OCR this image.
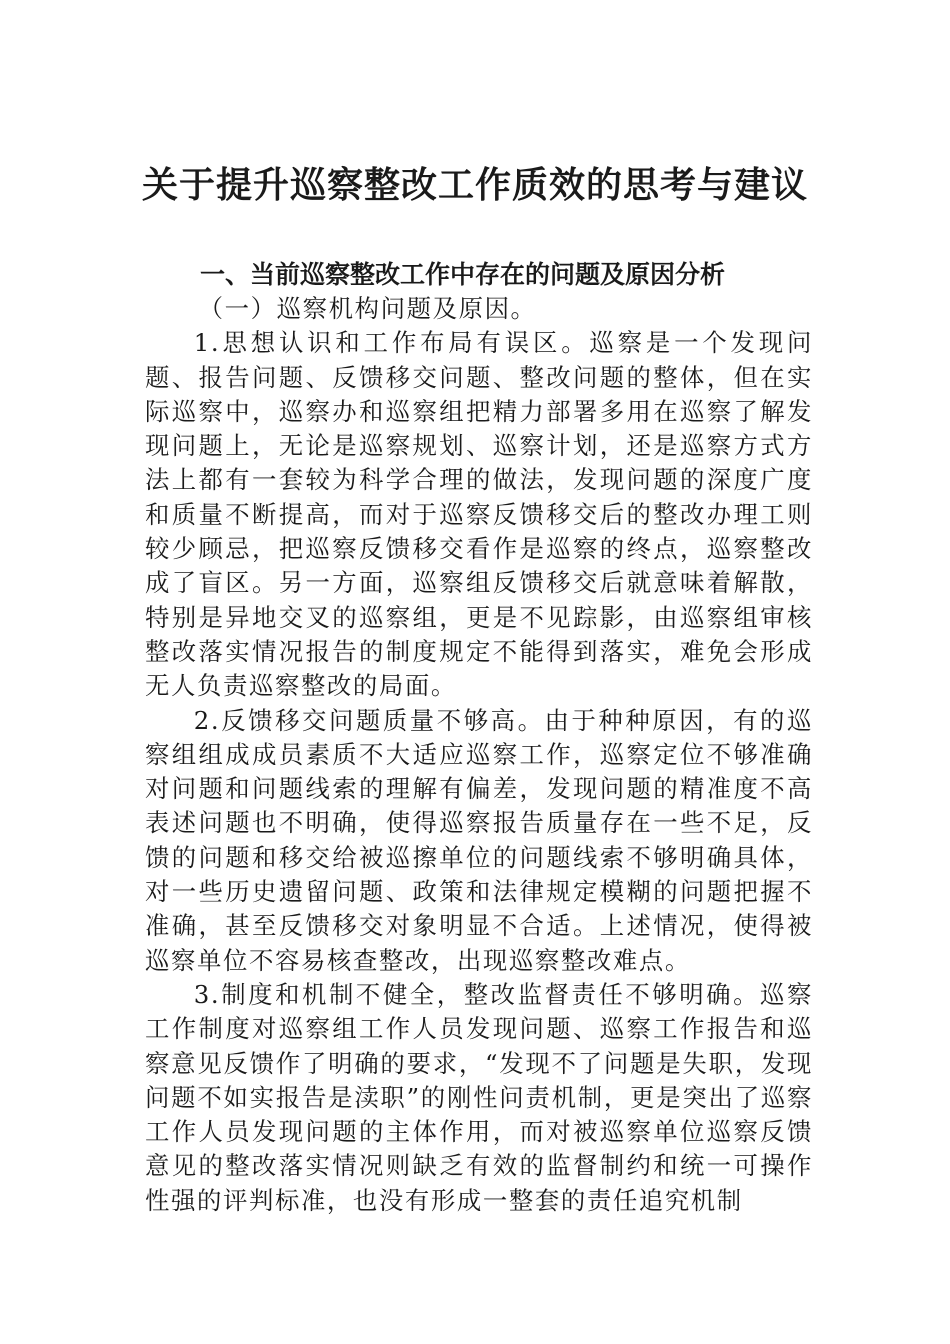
关于提升巡察整改工作质效的思考与建议
一、当前巡察整改工作中存在的问题及原因分析

（一）巡察机构问题及原因。

1.思想认识和工作布局有误区。巡察是一个发现问题、报告问题、反馈移交问题、整改问题的整体，但在实际巡察中，巡察办和巡察组把精力部署多用在巡察了解发现问题上，无论是巡察规划、巡察计划，还是巡察方式方法上都有一套较为科学合理的做法，发现问题的深度广度和质量不断提高，而对于巡察反馈移交后的整改办理工则较少顾忌，把巡察反馈移交看作是巡察的终点，巡察整改成了盲区。另一方面，巡察组反馈移交后就意味着解散，特别是异地交叉的巡察组，更是不见踪影，由巡察组审核整改落实情况报告的制度规定不能得到落实，难免会形成无人负责巡察整改的局面。

2.反馈移交问题质量不够高。由于种种原因，有的巡察组组成成员素质不大适应巡察工作，巡察定位不够准确对问题和问题线索的理解有偏差，发现问题的精准度不高表述问题也不明确，使得巡察报告质量存在一些不足，反馈的问题和移交给被巡擦单位的问题线索不够明确具体，对一些历史遗留问题、政策和法律规定模糊的问题把握不准确，甚至反馈移交对象明显不合适。上述情况，使得被巡察单位不容易核查整改，出现巡察整改难点。

3.制度和机制不健全，整改监督责任不够明确。巡察工作制度对巡察组工作人员发现问题、巡察工作报告和巡察意见反馈作了明确的要求，“发现不了问题是失职，发现问题不如实报告是渎职”的刚性问责机制，更是突出了巡察工作人员发现问题的主体作用，而对被巡察单位巡察反馈意见的整改落实情况则缺乏有效的监督制约和统一可操作性强的评判标准，也没有形成一整套的责任追究机制
